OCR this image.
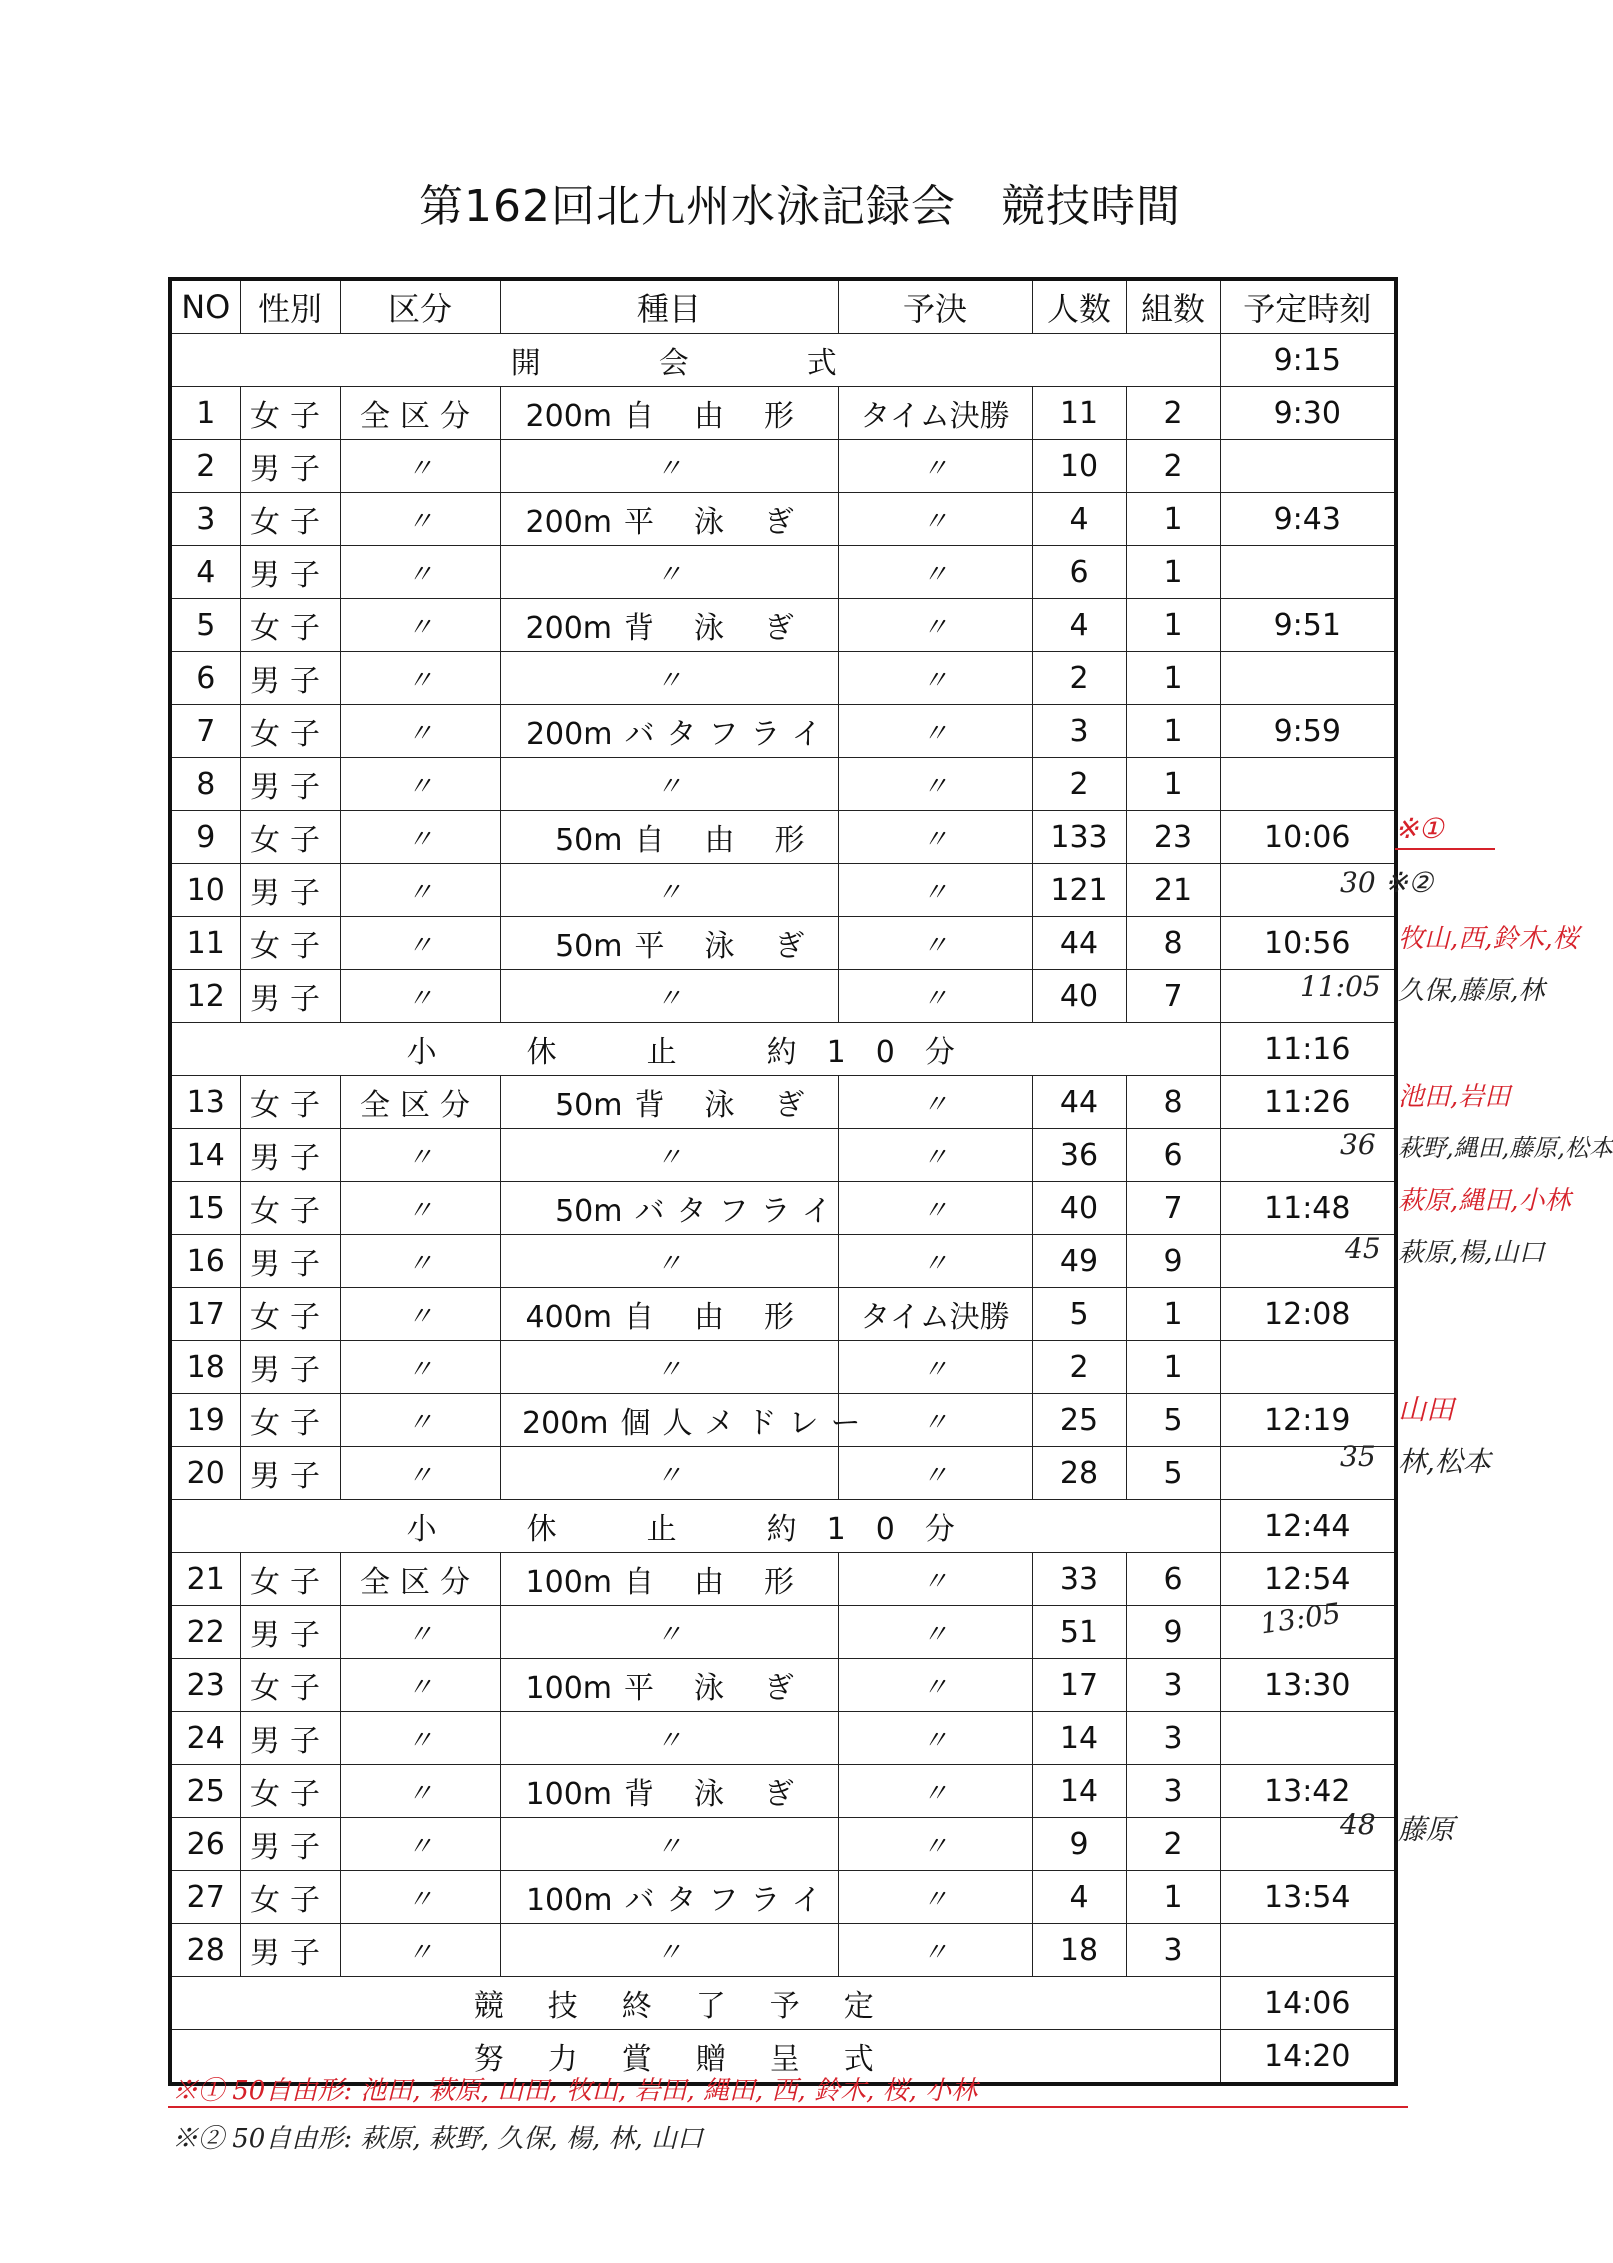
第162回北九州水泳記録会　競技時間
NO	性別	区分	種目	予決	人数	組数	予定時刻
開　会　式							9:15
1	女子	全区分	200m 自由形	タイム決勝	11	2	9:30
2	男子	〃	〃	〃	10	2	
3	女子	〃	200m 平泳ぎ	〃	4	1	9:43
4	男子	〃	〃	〃	6	1	
5	女子	〃	200m 背泳ぎ	〃	4	1	9:51
6	男子	〃	〃	〃	2	1	
7	女子	〃	200m バタフライ	〃	3	1	9:59
8	男子	〃	〃	〃	2	1	
9	女子	〃	50m 自由形	〃	133	23	10:06
10	男子	〃	〃	〃	121	21	
11	女子	〃	50m 平泳ぎ	〃	44	8	10:56
12	男子	〃	〃	〃	40	7	
小　休　止　約10分							11:16
13	女子	全区分	50m 背泳ぎ	〃	44	8	11:26
14	男子	〃	〃	〃	36	6	
15	女子	〃	50m バタフライ	〃	40	7	11:48
16	男子	〃	〃	〃	49	9	
17	女子	〃	400m 自由形	タイム決勝	5	1	12:08
18	男子	〃	〃	〃	2	1	
19	女子	〃	200m 個人メドレー	〃	25	5	12:19
20	男子	〃	〃	〃	28	5	
小　休　止　約10分							12:44
21	女子	全区分	100m 自由形	〃	33	6	12:54
22	男子	〃	〃	〃	51	9	
23	女子	〃	100m 平泳ぎ	〃	17	3	13:30
24	男子	〃	〃	〃	14	3	
25	女子	〃	100m 背泳ぎ	〃	14	3	13:42
26	男子	〃	〃	〃	9	2	
27	女子	〃	100m バタフライ	〃	4	1	13:54
28	男子	〃	〃	〃	18	3	
競技終了予定							14:06
努力賞贈呈式							14:20
※①
30 ※②
牧山,西,鈴木,桜
11:05 久保,藤原,林
池田,岩田
36 萩野,縄田,藤原,松本
萩原,縄田,小林
45 萩原,楊,山口
山田
35 林,松本
13:05
48 藤原
※① 50自由形: 池田, 萩原, 山田, 牧山, 岩田, 縄田, 西, 鈴木, 桜, 小林
※② 50自由形: 萩原, 萩野, 久保, 楊, 林, 山口
